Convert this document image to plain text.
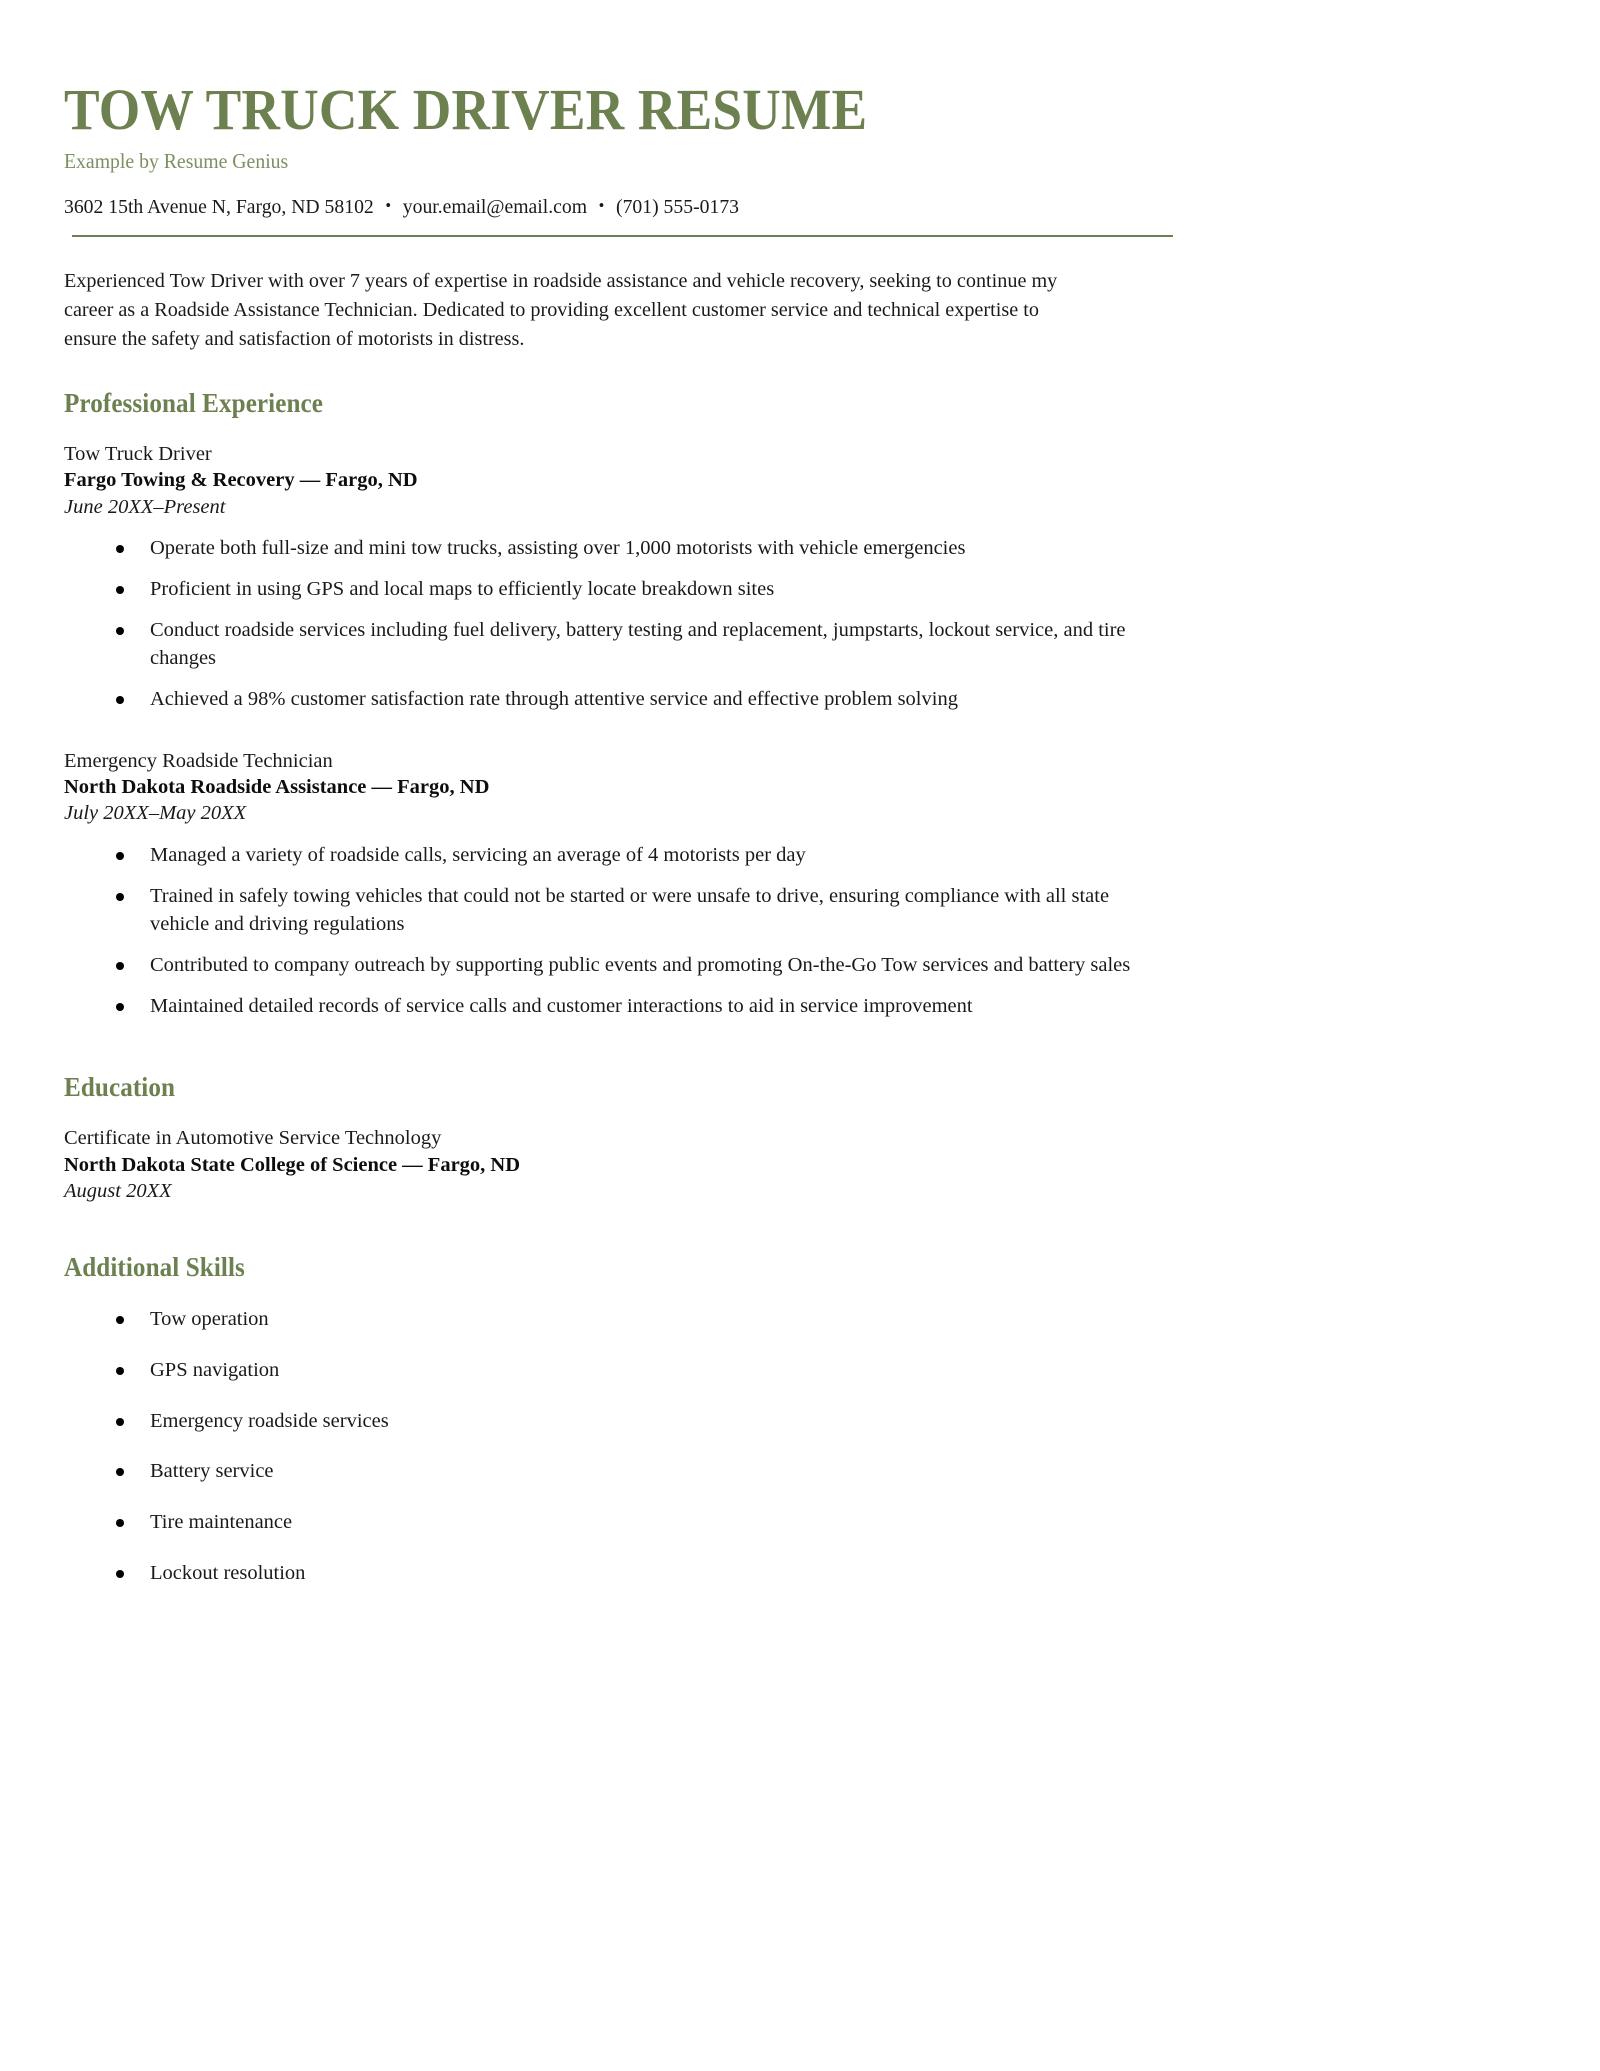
TOW TRUCK DRIVER RESUME
Example by Resume Genius
3602 15th Avenue N, Fargo, ND 58102 • your.email@email.com • (701) 555-0173

Experienced Tow Driver with over 7 years of expertise in roadside assistance and vehicle recovery, seeking to continue my career as a Roadside Assistance Technician. Dedicated to providing excellent customer service and technical expertise to ensure the safety and satisfaction of motorists in distress.

Professional Experience
Tow Truck Driver
Fargo Towing & Recovery — Fargo, ND
June 20XX–Present
Operate both full-size and mini tow trucks, assisting over 1,000 motorists with vehicle emergencies
Proficient in using GPS and local maps to efficiently locate breakdown sites
Conduct roadside services including fuel delivery, battery testing and replacement, jumpstarts, lockout service, and tire changes
Achieved a 98% customer satisfaction rate through attentive service and effective problem solving
Emergency Roadside Technician
North Dakota Roadside Assistance — Fargo, ND
July 20XX–May 20XX
Managed a variety of roadside calls, servicing an average of 4 motorists per day
Trained in safely towing vehicles that could not be started or were unsafe to drive, ensuring compliance with all state vehicle and driving regulations
Contributed to company outreach by supporting public events and promoting On-the-Go Tow services and battery sales
Maintained detailed records of service calls and customer interactions to aid in service improvement
Education
Certificate in Automotive Service Technology
North Dakota State College of Science — Fargo, ND
August 20XX
Additional Skills
Tow operation
GPS navigation
Emergency roadside services
Battery service
Tire maintenance
Lockout resolution
